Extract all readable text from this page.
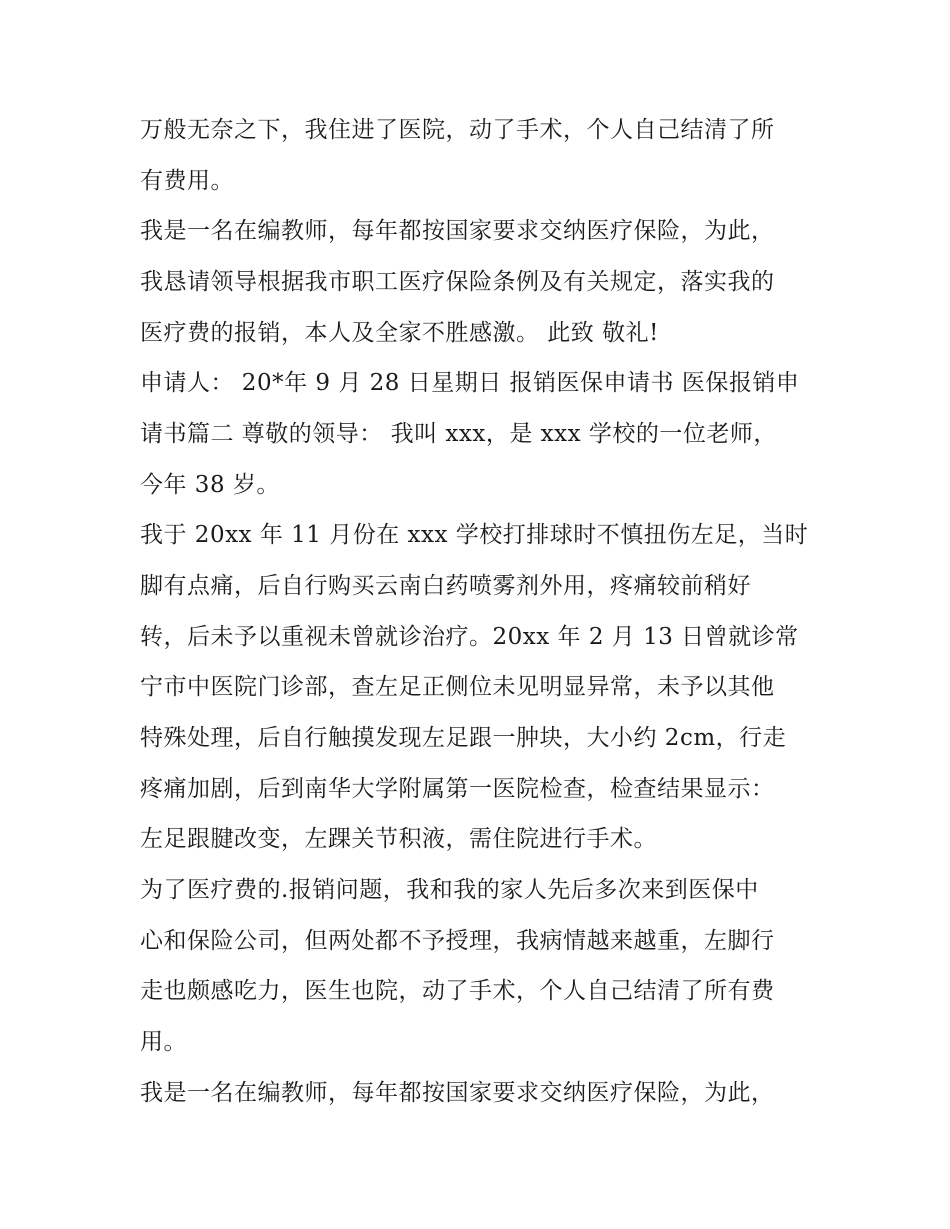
万般无奈之下，我住进了医院，动了手术，个人自己结清了所
有费用。
我是一名在编教师，每年都按国家要求交纳医疗保险，为此，
我恳请领导根据我市职工医疗保险条例及有关规定，落实我的
医疗费的报销，本人及全家不胜感激。 此致 敬礼!
申请人： 20*年 9 月 28 日星期日 报销医保申请书 医保报销申
请书篇二 尊敬的领导： 我叫 xxx，是 xxx 学校的一位老师，
今年 38 岁。
我于 20xx 年 11 月份在 xxx 学校打排球时不慎扭伤左足，当时
脚有点痛，后自行购买云南白药喷雾剂外用，疼痛较前稍好
转，后未予以重视未曾就诊治疗。20xx 年 2 月 13 日曾就诊常
宁市中医院门诊部，查左足正侧位未见明显异常，未予以其他
特殊处理，后自行触摸发现左足跟一肿块，大小约 2cm，行走
疼痛加剧，后到南华大学附属第一医院检查，检查结果显示：
左足跟腱改变，左踝关节积液，需住院进行手术。
为了医疗费的.报销问题，我和我的家人先后多次来到医保中
心和保险公司，但两处都不予授理，我病情越来越重，左脚行
走也颇感吃力，医生也院，动了手术，个人自己结清了所有费
用。
我是一名在编教师，每年都按国家要求交纳医疗保险，为此，
